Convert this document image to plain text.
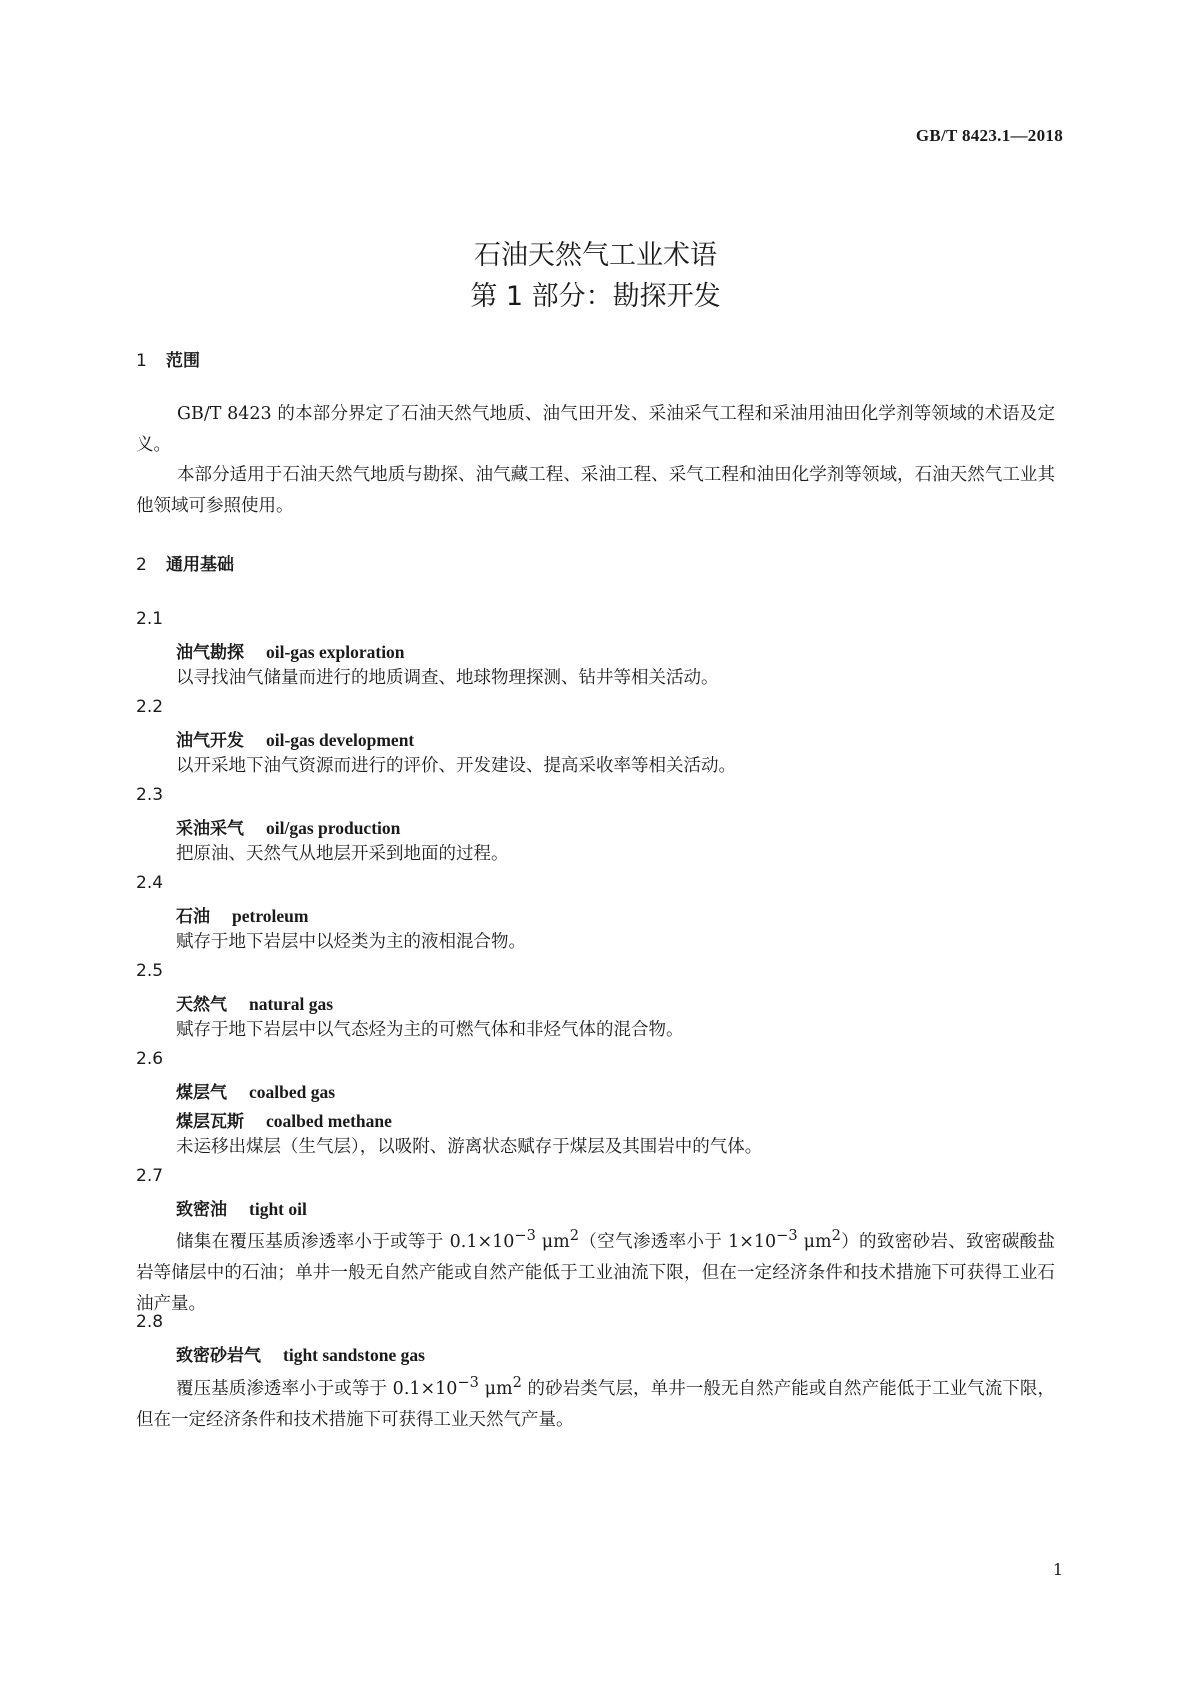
GB/T 8423.1—2018
石油天然气工业术语
第 1 部分：勘探开发
1 范围
GB/T 8423 的本部分界定了石油天然气地质、油气田开发、采油采气工程和采油用油田化学剂等领域的术语及定义。
本部分适用于石油天然气地质与勘探、油气藏工程、采油工程、采气工程和油田化学剂等领域，石油天然气工业其他领域可参照使用。
2 通用基础
2.1
油气勘探 oil-gas exploration
以寻找油气储量而进行的地质调查、地球物理探测、钻井等相关活动。
2.2
油气开发 oil-gas development
以开采地下油气资源而进行的评价、开发建设、提高采收率等相关活动。
2.3
采油采气 oil/gas production
把原油、天然气从地层开采到地面的过程。
2.4
石油 petroleum
赋存于地下岩层中以烃类为主的液相混合物。
2.5
天然气 natural gas
赋存于地下岩层中以气态烃为主的可燃气体和非烃气体的混合物。
2.6
煤层气 coalbed gas
煤层瓦斯 coalbed methane
未运移出煤层（生气层），以吸附、游离状态赋存于煤层及其围岩中的气体。
2.7
致密油 tight oil
储集在覆压基质渗透率小于或等于 $0.1\times 10^{-3}$ $\mu m^2$（空气渗透率小于 $1\times 10^{-3}$ $\mu m^2$）的致密砂岩、致密碳酸盐岩等储层中的石油；单井一般无自然产能或自然产能低于工业油流下限，但在一定经济条件和技术措施下可获得工业石油产量。
2.8
致密砂岩气 tight sandstone gas
覆压基质渗透率小于或等于 $0.1\times 10^{-3}$ $\mu m^2$ 的砂岩类气层，单井一般无自然产能或自然产能低于工业气流下限，但在一定经济条件和技术措施下可获得工业天然气产量。
1
